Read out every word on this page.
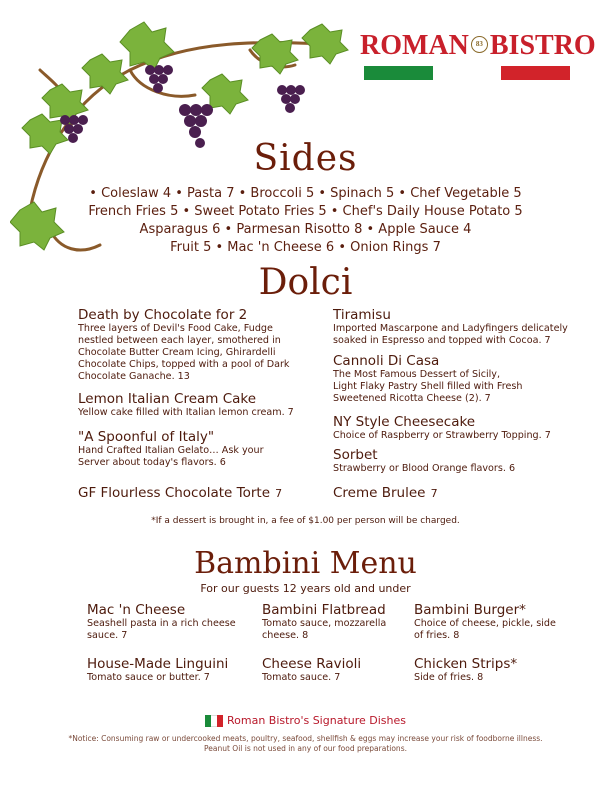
ROMAN 83 BISTRO
Sides
• Coleslaw 4 • Pasta 7 • Broccoli 5 • Spinach 5 • Chef Vegetable 5
French Fries 5 • Sweet Potato Fries 5 • Chef's Daily House Potato 5
Asparagus 6 • Parmesan Risotto 8 • Apple Sauce 4
Fruit 5 • Mac 'n Cheese 6 • Onion Rings 7
Dolci
Death by Chocolate for 2
Three layers of Devil's Food Cake, Fudge nestled between each layer, smothered in Chocolate Butter Cream Icing, Ghirardelli Chocolate Chips, topped with a pool of Dark Chocolate Ganache. 13
Lemon Italian Cream Cake
Yellow cake filled with Italian lemon cream. 7
"A Spoonful of Italy"
Hand Crafted Italian Gelato… Ask your Server about today's flavors. 6
GF Flourless Chocolate Torte 7
Tiramisu
Imported Mascarpone and Ladyfingers delicately soaked in Espresso and topped with Cocoa. 7
Cannoli Di Casa
The Most Famous Dessert of Sicily, Light Flaky Pastry Shell filled with Fresh Sweetened Ricotta Cheese (2). 7
NY Style Cheesecake
Choice of Raspberry or Strawberry Topping. 7
Sorbet
Strawberry or Blood Orange flavors. 6
Creme Brulee 7
*If a dessert is brought in, a fee of $1.00 per person will be charged.
Bambini Menu
For our guests 12 years old and under
Mac 'n Cheese
Seashell pasta in a rich cheese sauce. 7
Bambini Flatbread
Tomato sauce, mozzarella cheese. 8
Bambini Burger*
Choice of cheese, pickle, side of fries. 8
House-Made Linguini
Tomato sauce or butter. 7
Cheese Ravioli
Tomato sauce. 7
Chicken Strips*
Side of fries. 8
Roman Bistro's Signature Dishes
*Notice: Consuming raw or undercooked meats, poultry, seafood, shellfish & eggs may increase your risk of foodborne illness.
Peanut Oil is not used in any of our food preparations.
